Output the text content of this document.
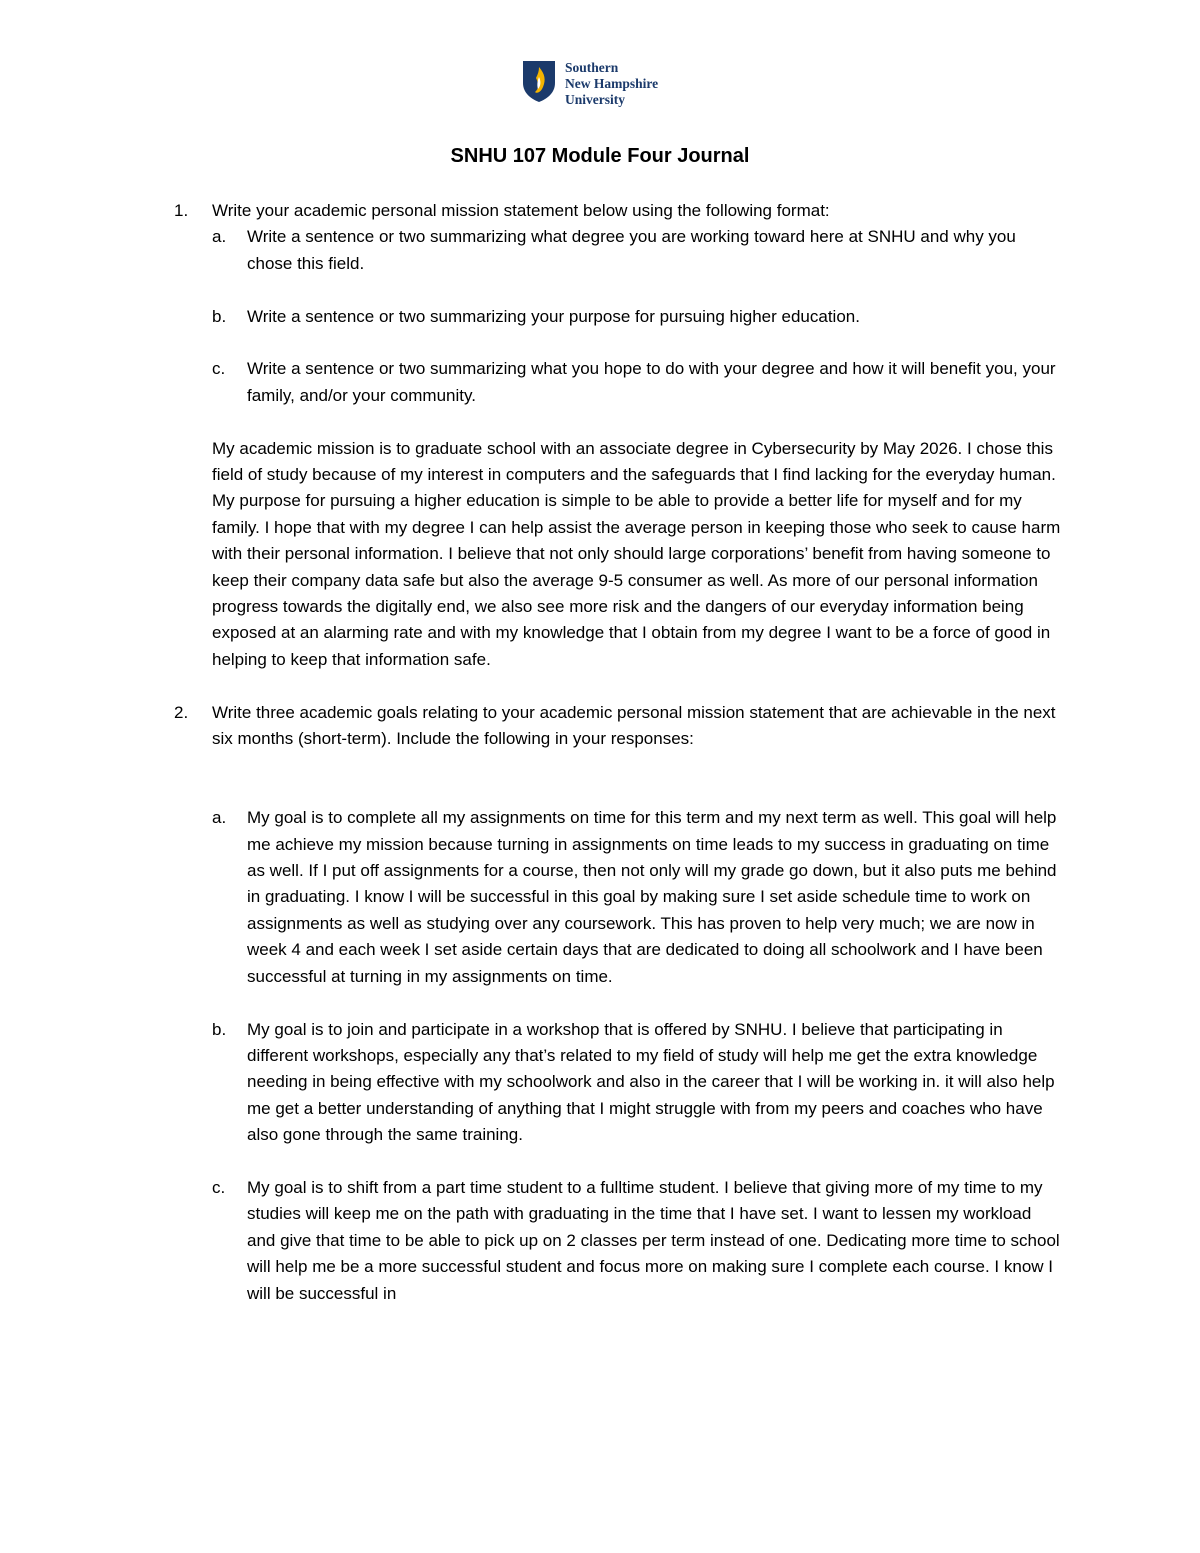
Southern
New Hampshire
University
SNHU 107 Module Four Journal
1. Write your academic personal mission statement below using the following format:
a. Write a sentence or two summarizing what degree you are working toward here at SNHU and why you chose this field.
b. Write a sentence or two summarizing your purpose for pursuing higher education.
c. Write a sentence or two summarizing what you hope to do with your degree and how it will benefit you, your family, and/or your community.
My academic mission is to graduate school with an associate degree in Cybersecurity by May 2026. I chose this field of study because of my interest in computers and the safeguards that I find lacking for the everyday human. My purpose for pursuing a higher education is simple to be able to provide a better life for myself and for my family. I hope that with my degree I can help assist the average person in keeping those who seek to cause harm with their personal information. I believe that not only should large corporations’ benefit from having someone to keep their company data safe but also the average 9-5 consumer as well. As more of our personal information progress towards the digitally end, we also see more risk and the dangers of our everyday information being exposed at an alarming rate and with my knowledge that I obtain from my degree I want to be a force of good in helping to keep that information safe.
2. Write three academic goals relating to your academic personal mission statement that are achievable in the next six months (short-term). Include the following in your responses:
a. My goal is to complete all my assignments on time for this term and my next term as well. This goal will help me achieve my mission because turning in assignments on time leads to my success in graduating on time as well. If I put off assignments for a course, then not only will my grade go down, but it also puts me behind in graduating. I know I will be successful in this goal by making sure I set aside schedule time to work on assignments as well as studying over any coursework. This has proven to help very much; we are now in week 4 and each week I set aside certain days that are dedicated to doing all schoolwork and I have been successful at turning in my assignments on time.
b. My goal is to join and participate in a workshop that is offered by SNHU. I believe that participating in different workshops, especially any that’s related to my field of study will help me get the extra knowledge needing in being effective with my schoolwork and also in the career that I will be working in. it will also help me get a better understanding of anything that I might struggle with from my peers and coaches who have also gone through the same training.
c. My goal is to shift from a part time student to a fulltime student. I believe that giving more of my time to my studies will keep me on the path with graduating in the time that I have set. I want to lessen my workload and give that time to be able to pick up on 2 classes per term instead of one. Dedicating more time to school will help me be a more successful student and focus more on making sure I complete each course. I know I will be successful in
